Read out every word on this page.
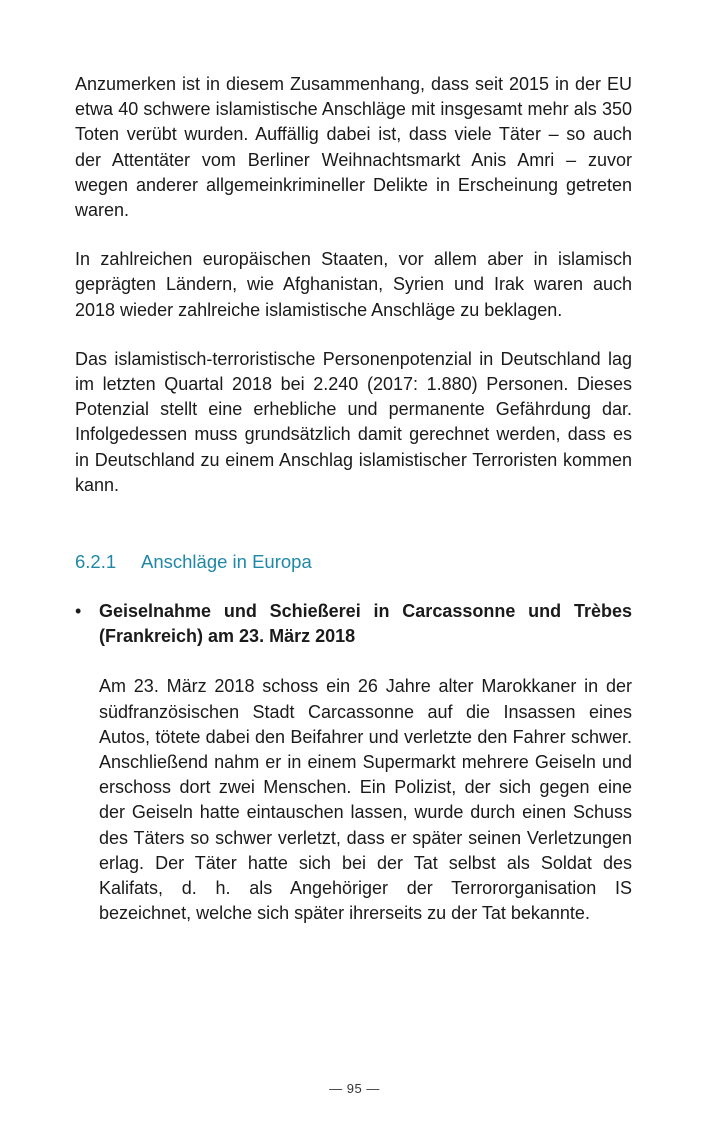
Anzumerken ist in diesem Zusammenhang, dass seit 2015 in der EU etwa 40 schwere islamistische Anschläge mit insgesamt mehr als 350 Toten verübt wurden. Auffällig dabei ist, dass viele Täter – so auch der Attentäter vom Berliner Weihnachtsmarkt Anis Amri – zuvor wegen anderer allgemeinkrimineller Delikte in Erscheinung getreten waren.

In zahlreichen europäischen Staaten, vor allem aber in islamisch geprägten Ländern, wie Afghanistan, Syrien und Irak waren auch 2018 wieder zahlreiche islamistische Anschläge zu beklagen.

Das islamistisch-terroristische Personenpotenzial in Deutschland lag im letzten Quartal 2018 bei 2.240 (2017: 1.880) Personen. Dieses Potenzial stellt eine erhebliche und permanente Gefährdung dar. Infolgedessen muss grundsätzlich damit gerechnet werden, dass es in Deutschland zu einem Anschlag islamistischer Terroristen kommen kann.

6.2.1	Anschläge in Europa
• Geiselnahme und Schießerei in Carcassonne und Trèbes (Frankreich) am 23. März 2018

Am 23. März 2018 schoss ein 26 Jahre alter Marokkaner in der südfranzösischen Stadt Carcassonne auf die Insassen eines Autos, tötete dabei den Beifahrer und verletzte den Fahrer schwer. Anschließend nahm er in einem Supermarkt mehrere Geiseln und erschoss dort zwei Menschen. Ein Polizist, der sich gegen eine der Geiseln hatte eintauschen lassen, wurde durch einen Schuss des Täters so schwer verletzt, dass er später seinen Verletzungen erlag. Der Täter hatte sich bei der Tat selbst als Soldat des Kalifats, d. h. als Angehöriger der Terrororganisation IS bezeichnet, welche sich später ihrerseits zu der Tat bekannte.

— 95 —
